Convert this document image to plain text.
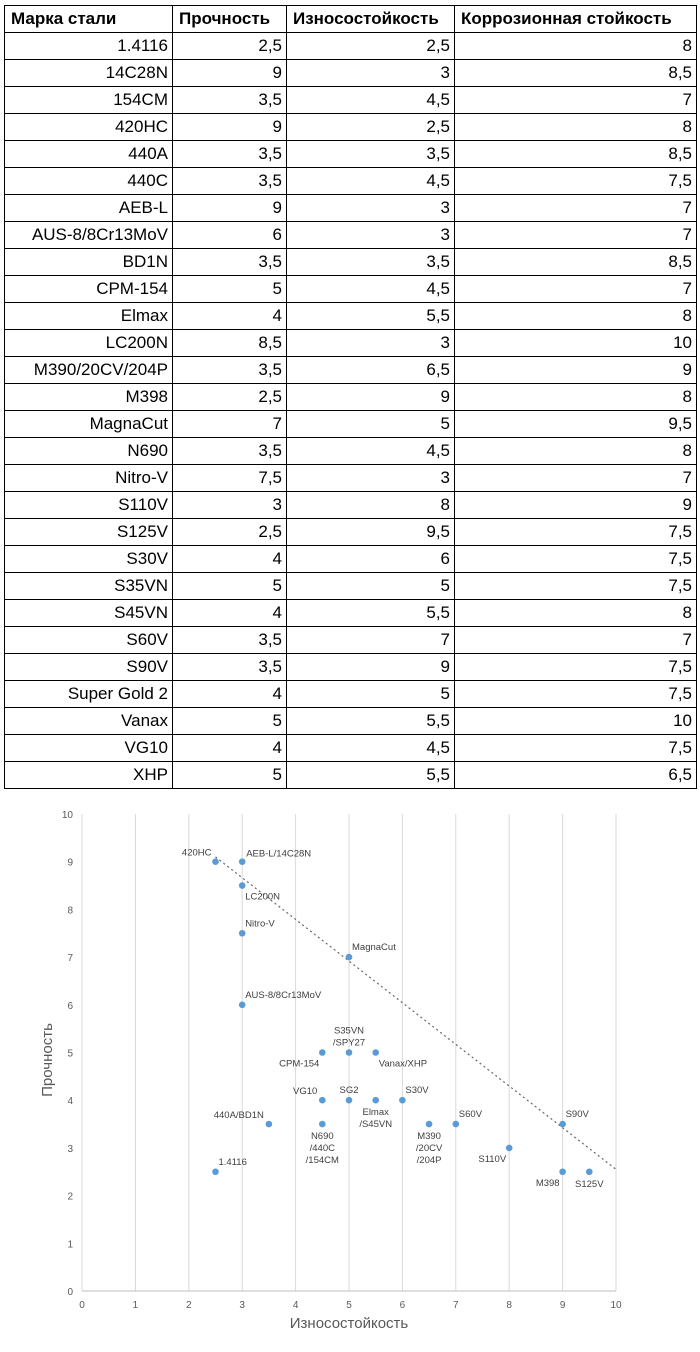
Марка стали	Прочность	Износостойкость	Коррозионная стойкость
1.4116	2,5	2,5	8
14C28N	9	3	8,5
154CM	3,5	4,5	7
420HC	9	2,5	8
440A	3,5	3,5	8,5
440C	3,5	4,5	7,5
AEB-L	9	3	7
AUS-8/8Cr13MoV	6	3	7
BD1N	3,5	3,5	8,5
CPM-154	5	4,5	7
Elmax	4	5,5	8
LC200N	8,5	3	10
M390/20CV/204P	3,5	6,5	9
M398	2,5	9	8
MagnaCut	7	5	9,5
N690	3,5	4,5	8
Nitro-V	7,5	3	7
S110V	3	8	9
S125V	2,5	9,5	7,5
S30V	4	6	7,5
S35VN	5	5	7,5
S45VN	4	5,5	8
S60V	3,5	7	7
S90V	3,5	9	7,5
Super Gold 2	4	5	7,5
Vanax	5	5,5	10
VG10	4	4,5	7,5
XHP	5	5,5	6,5
0	1	2	3	4	5	6	7	8	9	10
0
1
2
3
4
5
6
7
8
9
10
420HC	AEB-L/14C28N
LC200N
Nitro-V
MagnaCut
AUS-8/8Cr13MoV
S35VN /SPY27
CPM-154	Vanax/XHP
VG10 SG2
Elmax /S45VN
S30V
440A/BD1N
N690 /440C /154CM
M390 /20CV /204P
S60V	S90V
S110V
1.4116
M398 S125V
Износостойкость
Прочность
